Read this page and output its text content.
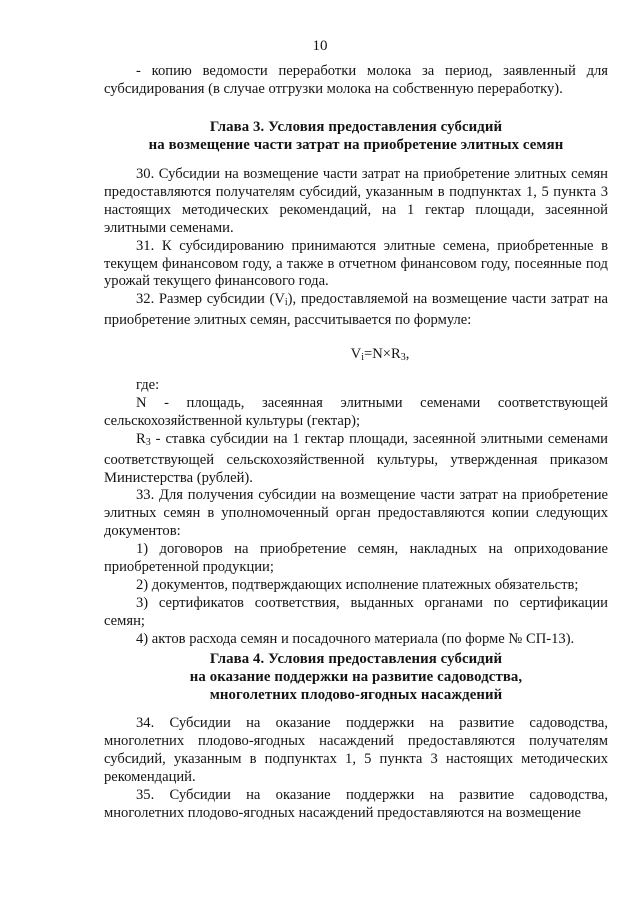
10

- копию ведомости переработки молока за период, заявленный для субсидирования (в случае отгрузки молока на собственную переработку).

Глава 3. Условия предоставления субсидий
на возмещение части затрат на приобретение элитных семян

30. Субсидии на возмещение части затрат на приобретение элитных семян предоставляются получателям субсидий, указанным в подпунктах 1, 5 пункта 3 настоящих методических рекомендаций, на 1 гектар площади, засеянной элитными семенами.

31. К субсидированию принимаются элитные семена, приобретенные в текущем финансовом году, а также в отчетном финансовом году, посеянные под урожай текущего финансового года.

32. Размер субсидии $(V_i)$, предоставляемой на возмещение части затрат на приобретение элитных семян, рассчитывается по формуле:

$V_i=N\times R_3$,

где:

N - площадь, засеянная элитными семенами соответствующей сельскохозяйственной культуры (гектар);

$R_3$ - ставка субсидии на 1 гектар площади, засеянной элитными семенами соответствующей сельскохозяйственной культуры, утвержденная приказом Министерства (рублей).

33. Для получения субсидии на возмещение части затрат на приобретение элитных семян в уполномоченный орган предоставляются копии следующих документов:

1) договоров на приобретение семян, накладных на оприходование приобретенной продукции;

2) документов, подтверждающих исполнение платежных обязательств;

3) сертификатов соответствия, выданных органами по сертификации семян;

4) актов расхода семян и посадочного материала (по форме № СП-13).

Глава 4. Условия предоставления субсидий
на оказание поддержки на развитие садоводства,
многолетних плодово-ягодных насаждений

34. Субсидии на оказание поддержки на развитие садоводства, многолетних плодово-ягодных насаждений предоставляются получателям субсидий, указанным в подпунктах 1, 5 пункта 3 настоящих методических рекомендаций.

35. Субсидии на оказание поддержки на развитие садоводства, многолетних плодово-ягодных насаждений предоставляются на возмещение
